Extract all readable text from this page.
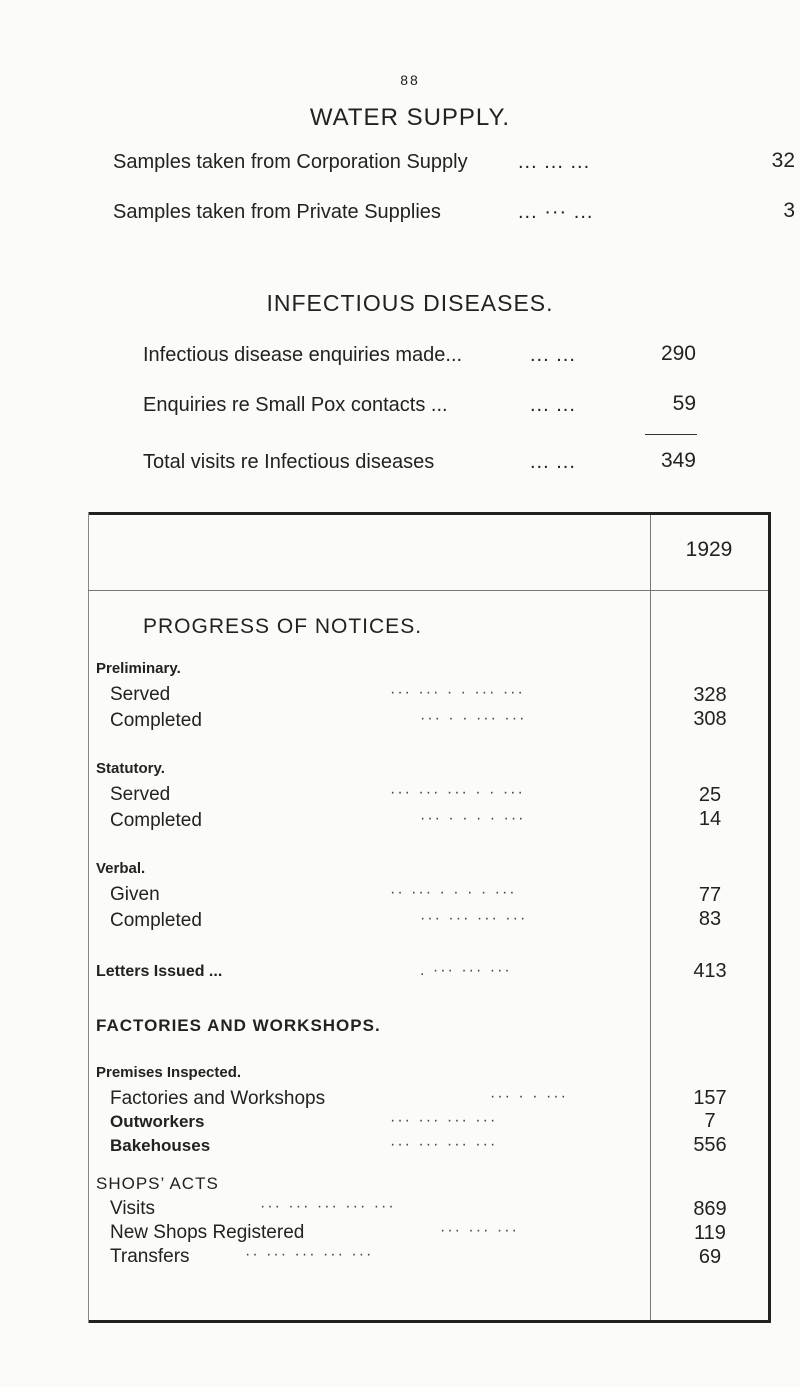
88
WATER SUPPLY.
Samples taken from Corporation Supply	... ... ...	32
Samples taken from Private Supplies	... ··· ...	3
INFECTIOUS DISEASES.
Infectious disease enquiries made...	... ...	290
Enquiries re Small Pox contacts ...	... ...	59
Total visits re Infectious diseases	... ...	349
1929
PROGRESS OF NOTICES.
Preliminary.
Served	··· ··· · · ··· ···	328
Completed	··· · · ··· ···	308
Statutory.
Served	··· ··· ··· · · ···	25
Completed	··· · · · · ···	14
Verbal.
Given	·· ··· · · · · ···	77
Completed	··· ··· ··· ···	83
Letters Issued ...	. ··· ··· ···	413
FACTORIES AND WORKSHOPS.
Premises Inspected.
Factories and Workshops	··· · · ···	157
Outworkers	··· ··· ··· ···	7
Bakehouses	··· ··· ··· ···	556
SHOPS’ ACTS
Visits	··· ··· ··· ··· ···	869
New Shops Registered	··· ··· ···	119
Transfers	·· ··· ··· ··· ···	69
